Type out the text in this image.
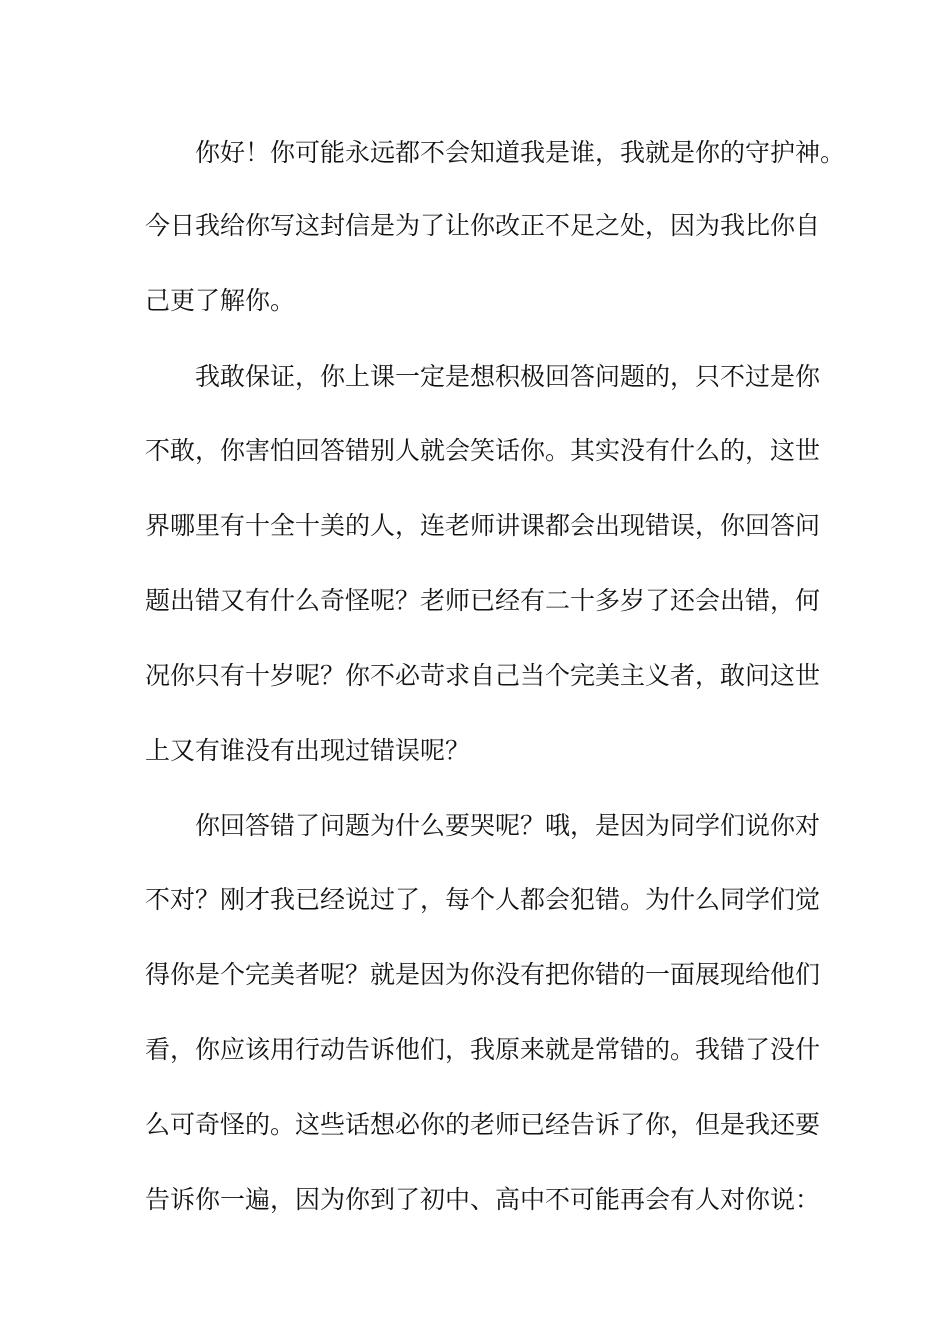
　　你好！你可能永远都不会知道我是谁，我就是你的守护神。
今日我给你写这封信是为了让你改正不足之处，因为我比你自
己更了解你。
　　我敢保证，你上课一定是想积极回答问题的，只不过是你
不敢，你害怕回答错别人就会笑话你。其实没有什么的，这世
界哪里有十全十美的人，连老师讲课都会出现错误，你回答问
题出错又有什么奇怪呢？老师已经有二十多岁了还会出错，何
况你只有十岁呢？你不必苛求自己当个完美主义者，敢问这世
上又有谁没有出现过错误呢？
　　你回答错了问题为什么要哭呢？哦，是因为同学们说你对
不对？刚才我已经说过了，每个人都会犯错。为什么同学们觉
得你是个完美者呢？就是因为你没有把你错的一面展现给他们
看，你应该用行动告诉他们，我原来就是常错的。我错了没什
么可奇怪的。这些话想必你的老师已经告诉了你，但是我还要
告诉你一遍，因为你到了初中、高中不可能再会有人对你说：
